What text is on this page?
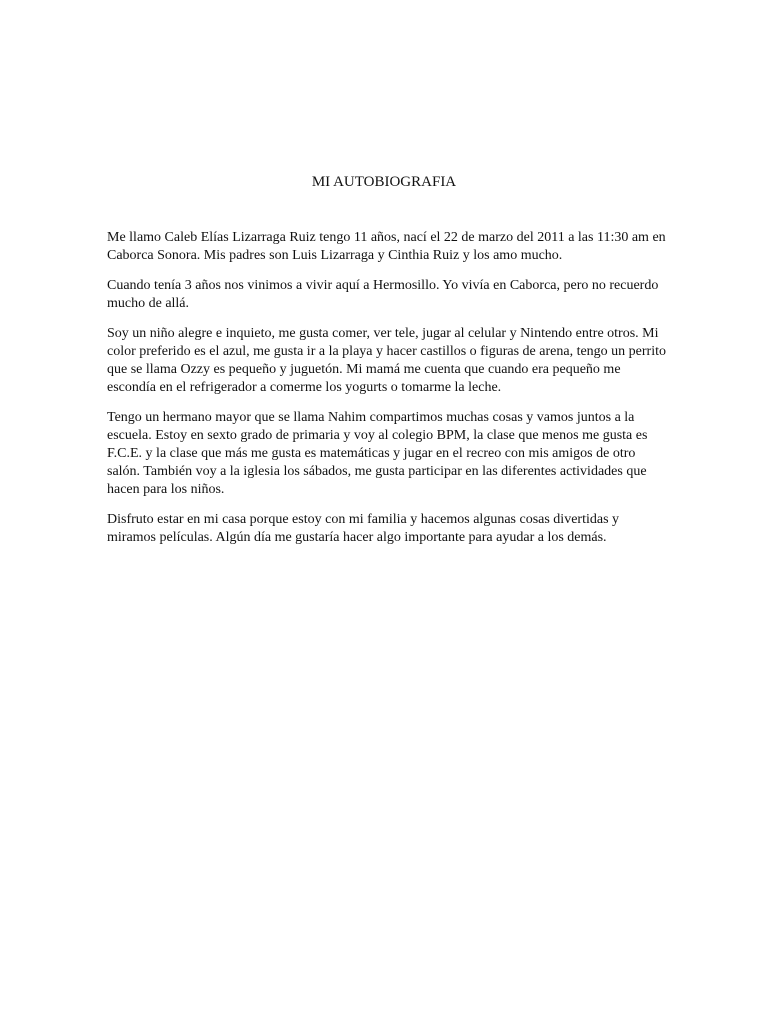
MI AUTOBIOGRAFIA

Me llamo Caleb Elías Lizarraga Ruiz tengo 11 años, nací el 22 de marzo del 2011 a las 11:30 am en
Caborca Sonora. Mis padres son Luis Lizarraga y Cinthia Ruiz y los amo mucho.

Cuando tenía 3 años nos vinimos a vivir aquí a Hermosillo. Yo vivía en Caborca, pero no recuerdo
mucho de allá.

Soy un niño alegre e inquieto, me gusta comer, ver tele, jugar al celular y Nintendo entre otros. Mi
color preferido es el azul, me gusta ir a la playa y hacer castillos o figuras de arena, tengo un perrito
que se llama Ozzy es pequeño y juguetón. Mi mamá me cuenta que cuando era pequeño me
escondía en el refrigerador a comerme los yogurts o tomarme la leche.

Tengo un hermano mayor que se llama Nahim compartimos muchas cosas y vamos juntos a la
escuela. Estoy en sexto grado de primaria y voy al colegio BPM, la clase que menos me gusta es
F.C.E. y la clase que más me gusta es matemáticas y jugar en el recreo con mis amigos de otro
salón. También voy a la iglesia los sábados, me gusta participar en las diferentes actividades que
hacen para los niños.

Disfruto estar en mi casa porque estoy con mi familia y hacemos algunas cosas divertidas y
miramos películas. Algún día me gustaría hacer algo importante para ayudar a los demás.
